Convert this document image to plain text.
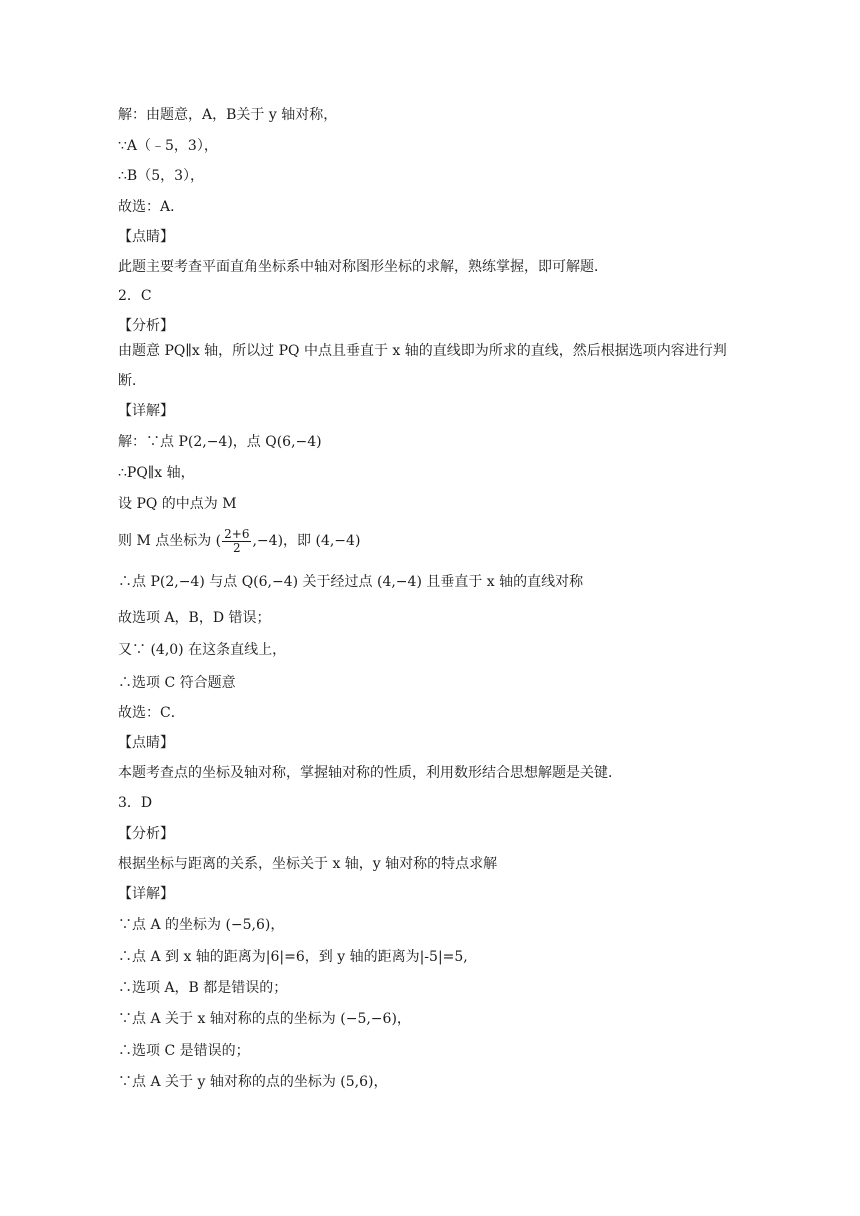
解：由题意，A，B关于 y 轴对称，
∵A（﹣5，3），
∴B（5，3），
故选：A．
【点睛】
此题主要考查平面直角坐标系中轴对称图形坐标的求解，熟练掌握，即可解题．
2．C
【分析】
由题意 PQ∥x 轴，所以过 PQ 中点且垂直于 x 轴的直线即为所求的直线，然后根据选项内容进行判断．
【详解】
解：∵点 P(2,−4)，点 Q(6,−4)
∴PQ∥x 轴，
设 PQ 的中点为 M
则 M 点坐标为 ( $\frac{2+6}{2} ,-4$)，即 (4,−4)
∴点 P(2,−4) 与点 Q(6,−4) 关于经过点 (4,−4) 且垂直于 x 轴的直线对称
故选项 A，B，D 错误；
又∵ (4,0) 在这条直线上，
∴选项 C 符合题意
故选：C．
【点睛】
本题考查点的坐标及轴对称，掌握轴对称的性质，利用数形结合思想解题是关键．
3．D
【分析】
根据坐标与距离的关系，坐标关于 x 轴，y 轴对称的特点求解
【详解】
∵点 A 的坐标为 (−5,6)，
∴点 A 到 x 轴的距离为|6|=6，到 y 轴的距离为|-5|=5,
∴选项 A，B 都是错误的；
∵点 A 关于 x 轴对称的点的坐标为 (−5,−6)，
∴选项 C 是错误的；
∵点 A 关于 y 轴对称的点的坐标为 (5,6)，
